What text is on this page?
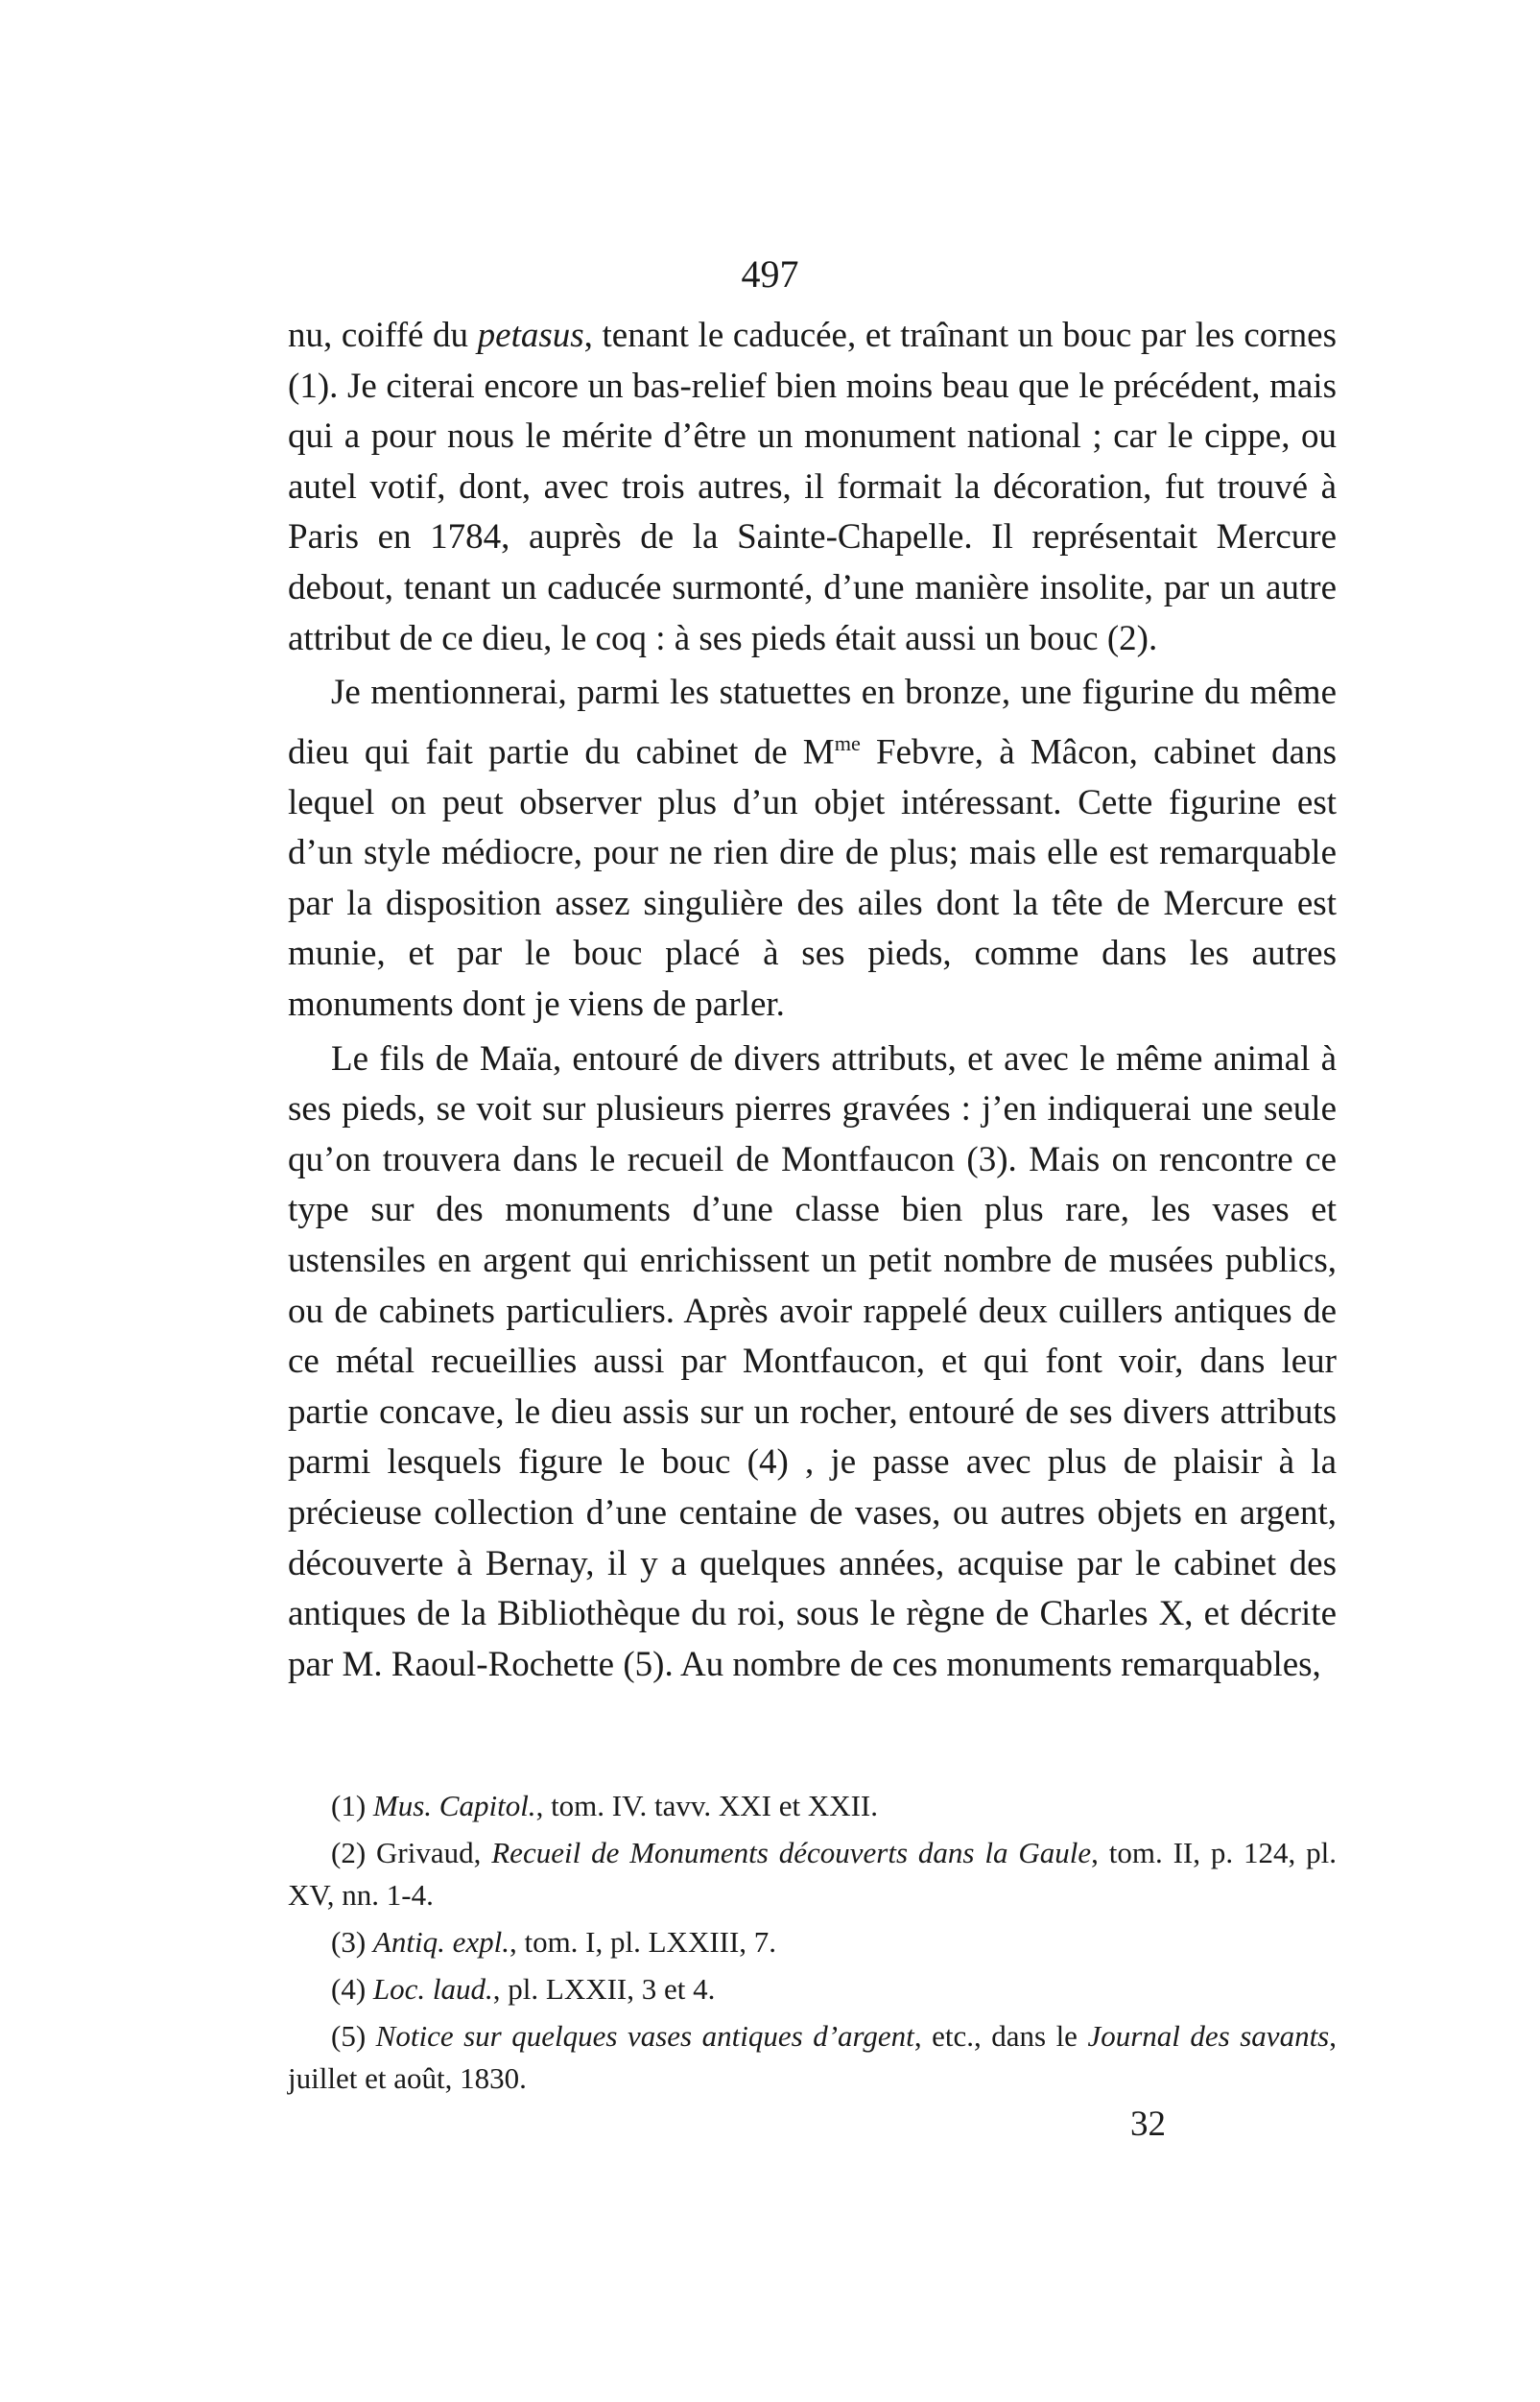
497

nu, coiffé du petasus, tenant le caducée, et traînant un bouc par les cornes (1). Je citerai encore un bas-relief bien moins beau que le précédent, mais qui a pour nous le mérite d’être un monument national ; car le cippe, ou autel votif, dont, avec trois autres, il formait la décoration, fut trouvé à Paris en 1784, auprès de la Sainte-Chapelle. Il représentait Mercure debout, tenant un caducée surmonté, d’une manière insolite, par un autre attribut de ce dieu, le coq : à ses pieds était aussi un bouc (2).

Je mentionnerai, parmi les statuettes en bronze, une figurine du même dieu qui fait partie du cabinet de $M^{me}$ Febvre, à Mâcon, cabinet dans lequel on peut observer plus d’un objet intéressant. Cette figurine est d’un style médiocre, pour ne rien dire de plus; mais elle est remarquable par la disposition assez singulière des ailes dont la tête de Mercure est munie, et par le bouc placé à ses pieds, comme dans les autres monuments dont je viens de parler.

Le fils de Maïa, entouré de divers attributs, et avec le même animal à ses pieds, se voit sur plusieurs pierres gravées : j’en indiquerai une seule qu’on trouvera dans le recueil de Montfaucon (3). Mais on rencontre ce type sur des monuments d’une classe bien plus rare, les vases et ustensiles en argent qui enrichissent un petit nombre de musées publics, ou de cabinets particuliers. Après avoir rappelé deux cuillers antiques de ce métal recueillies aussi par Montfaucon, et qui font voir, dans leur partie concave, le dieu assis sur un rocher, entouré de ses divers attributs parmi lesquels figure le bouc (4) , je passe avec plus de plaisir à la précieuse collection d’une centaine de vases, ou autres objets en argent, découverte à Bernay, il y a quelques années, acquise par le cabinet des antiques de la Bibliothèque du roi, sous le règne de Charles X, et décrite par M. Raoul-Rochette (5). Au nombre de ces monuments remarquables,

(1) Mus. Capitol., tom. IV. tavv. XXI et XXII.

(2) Grivaud, Recueil de Monuments découverts dans la Gaule, tom. II, p. 124, pl. XV, nn. 1-4.

(3) Antiq. expl., tom. I, pl. LXXIII, 7.

(4) Loc. laud., pl. LXXII, 3 et 4.

(5) Notice sur quelques vases antiques d’argent, etc., dans le Journal des savants, juillet et août, 1830.

32
